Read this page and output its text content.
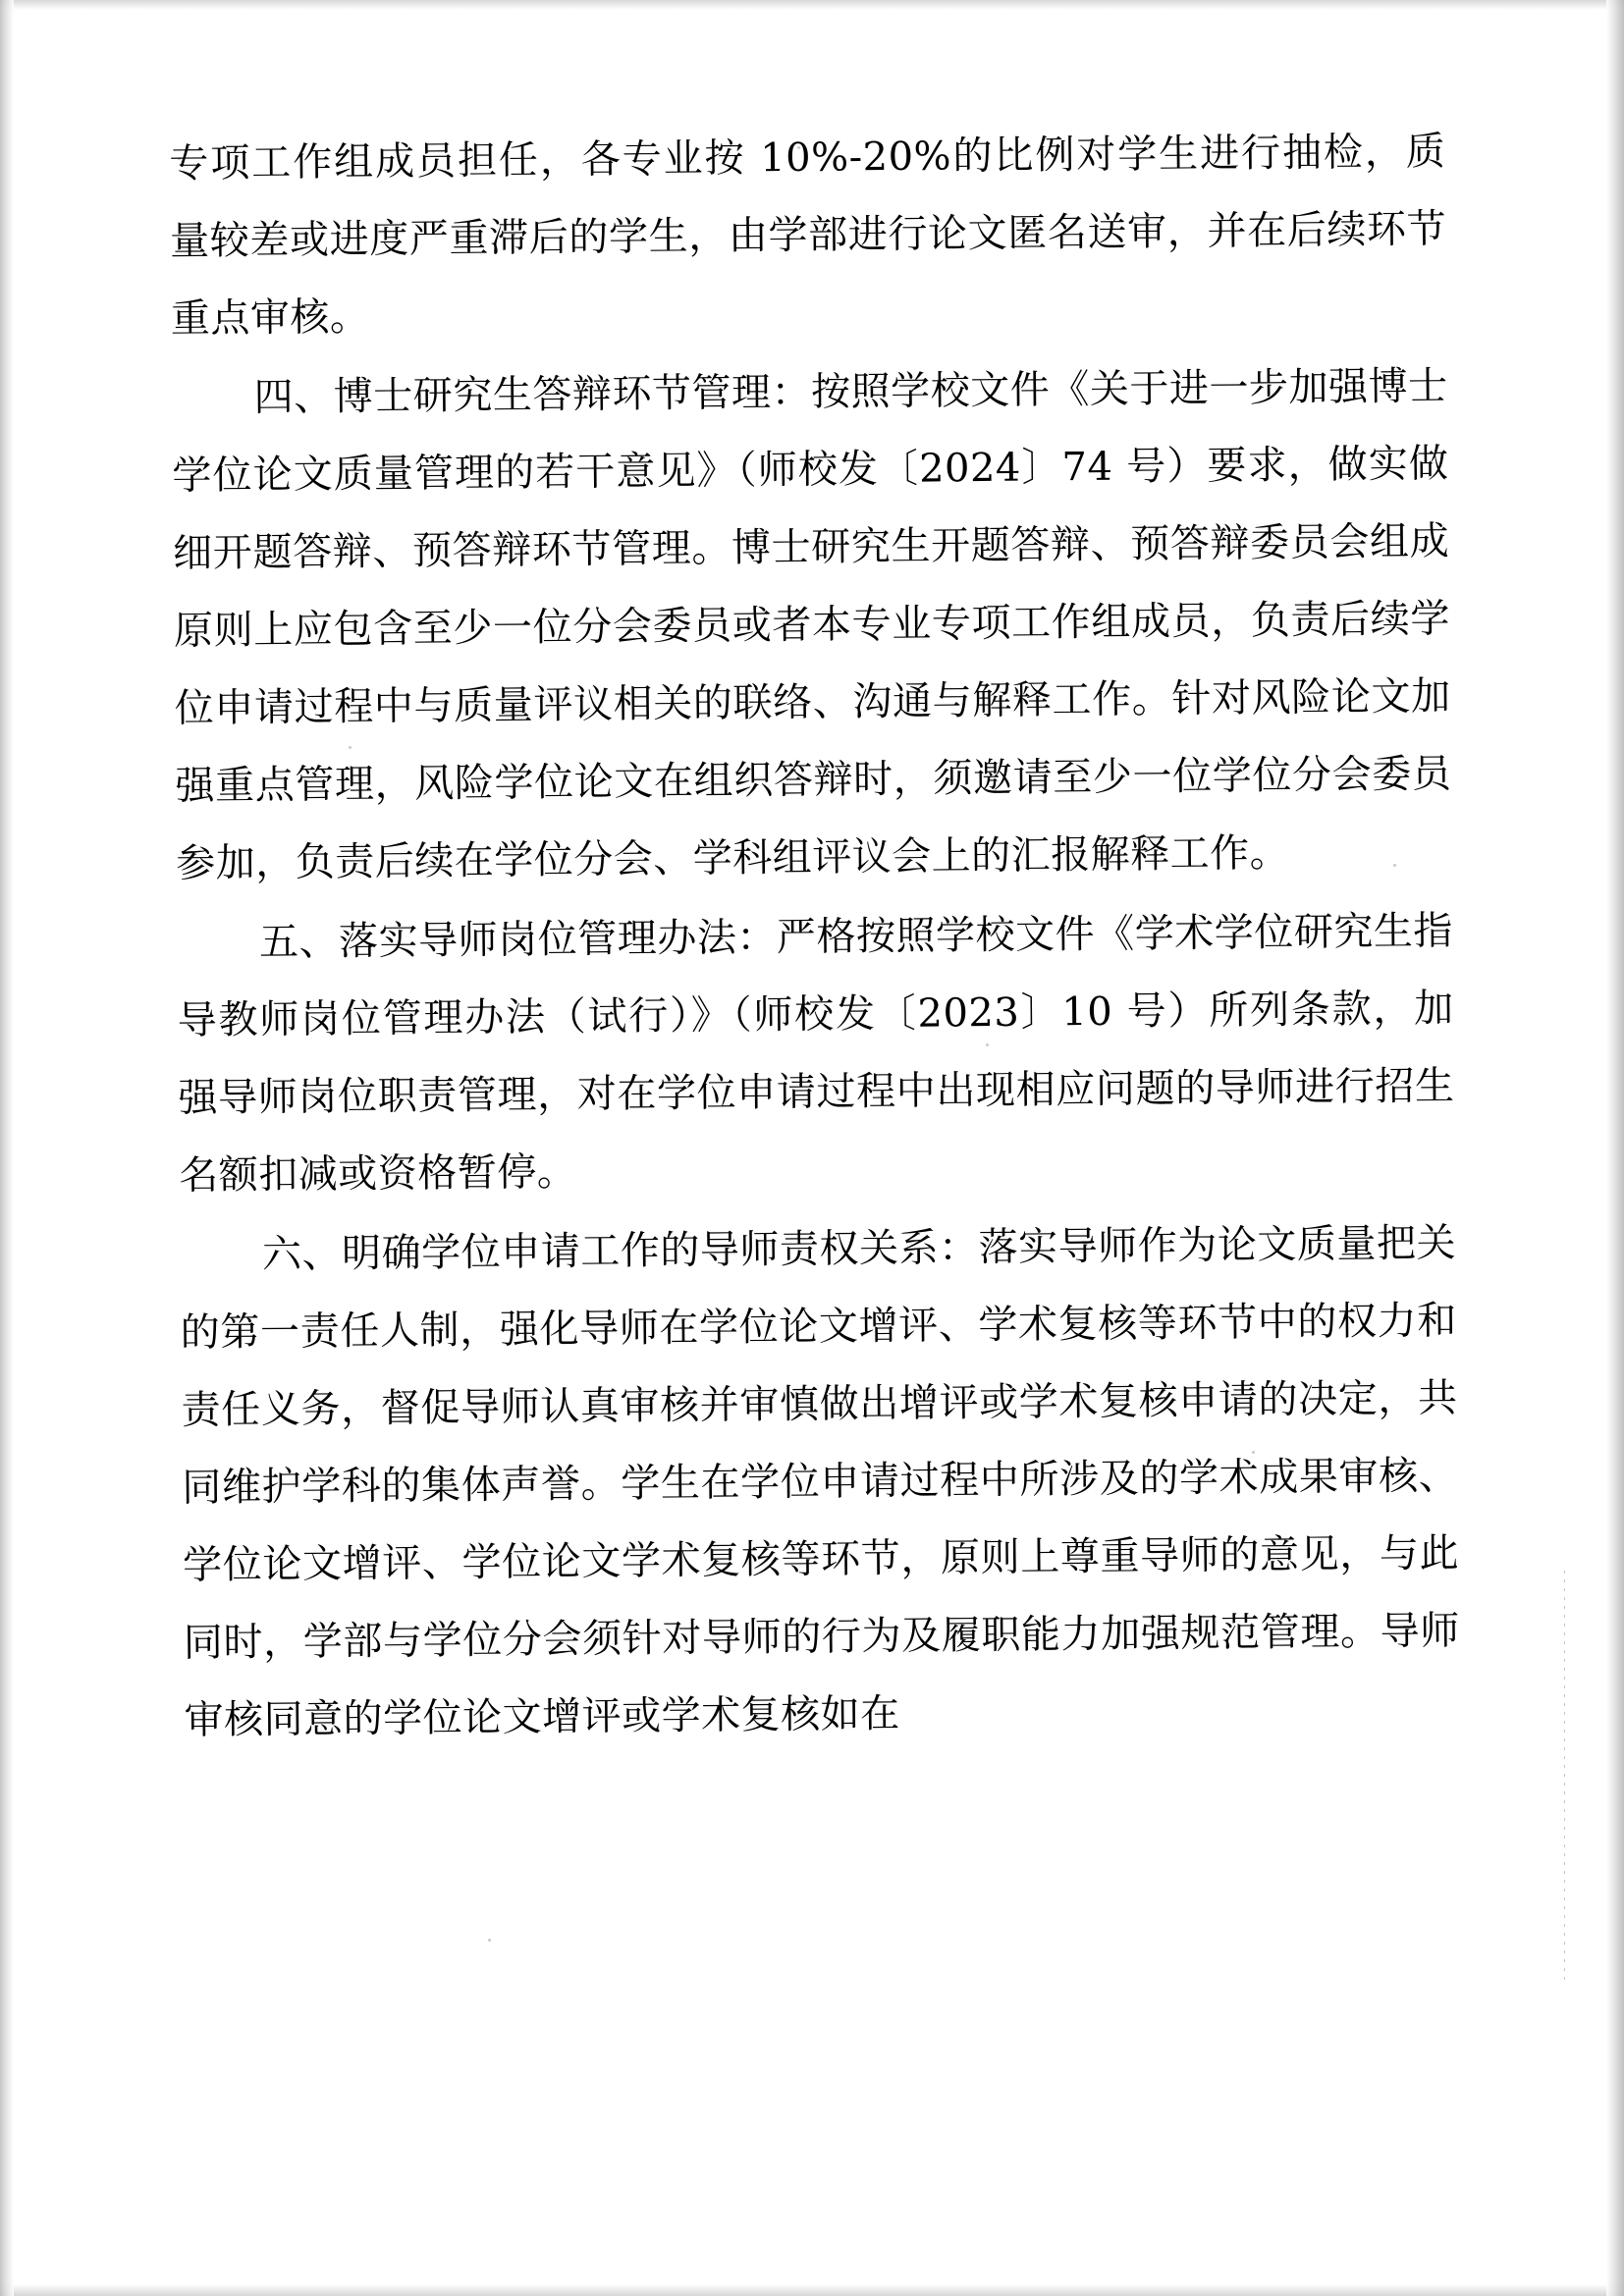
专项工作组成员担任，各专业按 10%-20%的比例对学生进行抽检，质量较差或进度严重滞后的学生，由学部进行论文匿名送审，并在后续环节重点审核。

四、博士研究生答辩环节管理：按照学校文件《关于进一步加强博士学位论文质量管理的若干意见》（师校发〔2024〕74 号）要求，做实做细开题答辩、预答辩环节管理。博士研究生开题答辩、预答辩委员会组成原则上应包含至少一位分会委员或者本专业专项工作组成员，负责后续学位申请过程中与质量评议相关的联络、沟通与解释工作。针对风险论文加强重点管理，风险学位论文在组织答辩时，须邀请至少一位学位分会委员参加，负责后续在学位分会、学科组评议会上的汇报解释工作。

五、落实导师岗位管理办法：严格按照学校文件《学术学位研究生指导教师岗位管理办法（试行）》（师校发〔2023〕10 号）所列条款，加强导师岗位职责管理，对在学位申请过程中出现相应问题的导师进行招生名额扣减或资格暂停。

六、明确学位申请工作的导师责权关系：落实导师作为论文质量把关的第一责任人制，强化导师在学位论文增评、学术复核等环节中的权力和责任义务，督促导师认真审核并审慎做出增评或学术复核申请的决定，共同维护学科的集体声誉。学生在学位申请过程中所涉及的学术成果审核、学位论文增评、学位论文学术复核等环节，原则上尊重导师的意见，与此同时，学部与学位分会须针对导师的行为及履职能力加强规范管理。导师审核同意的学位论文增评或学术复核如在
